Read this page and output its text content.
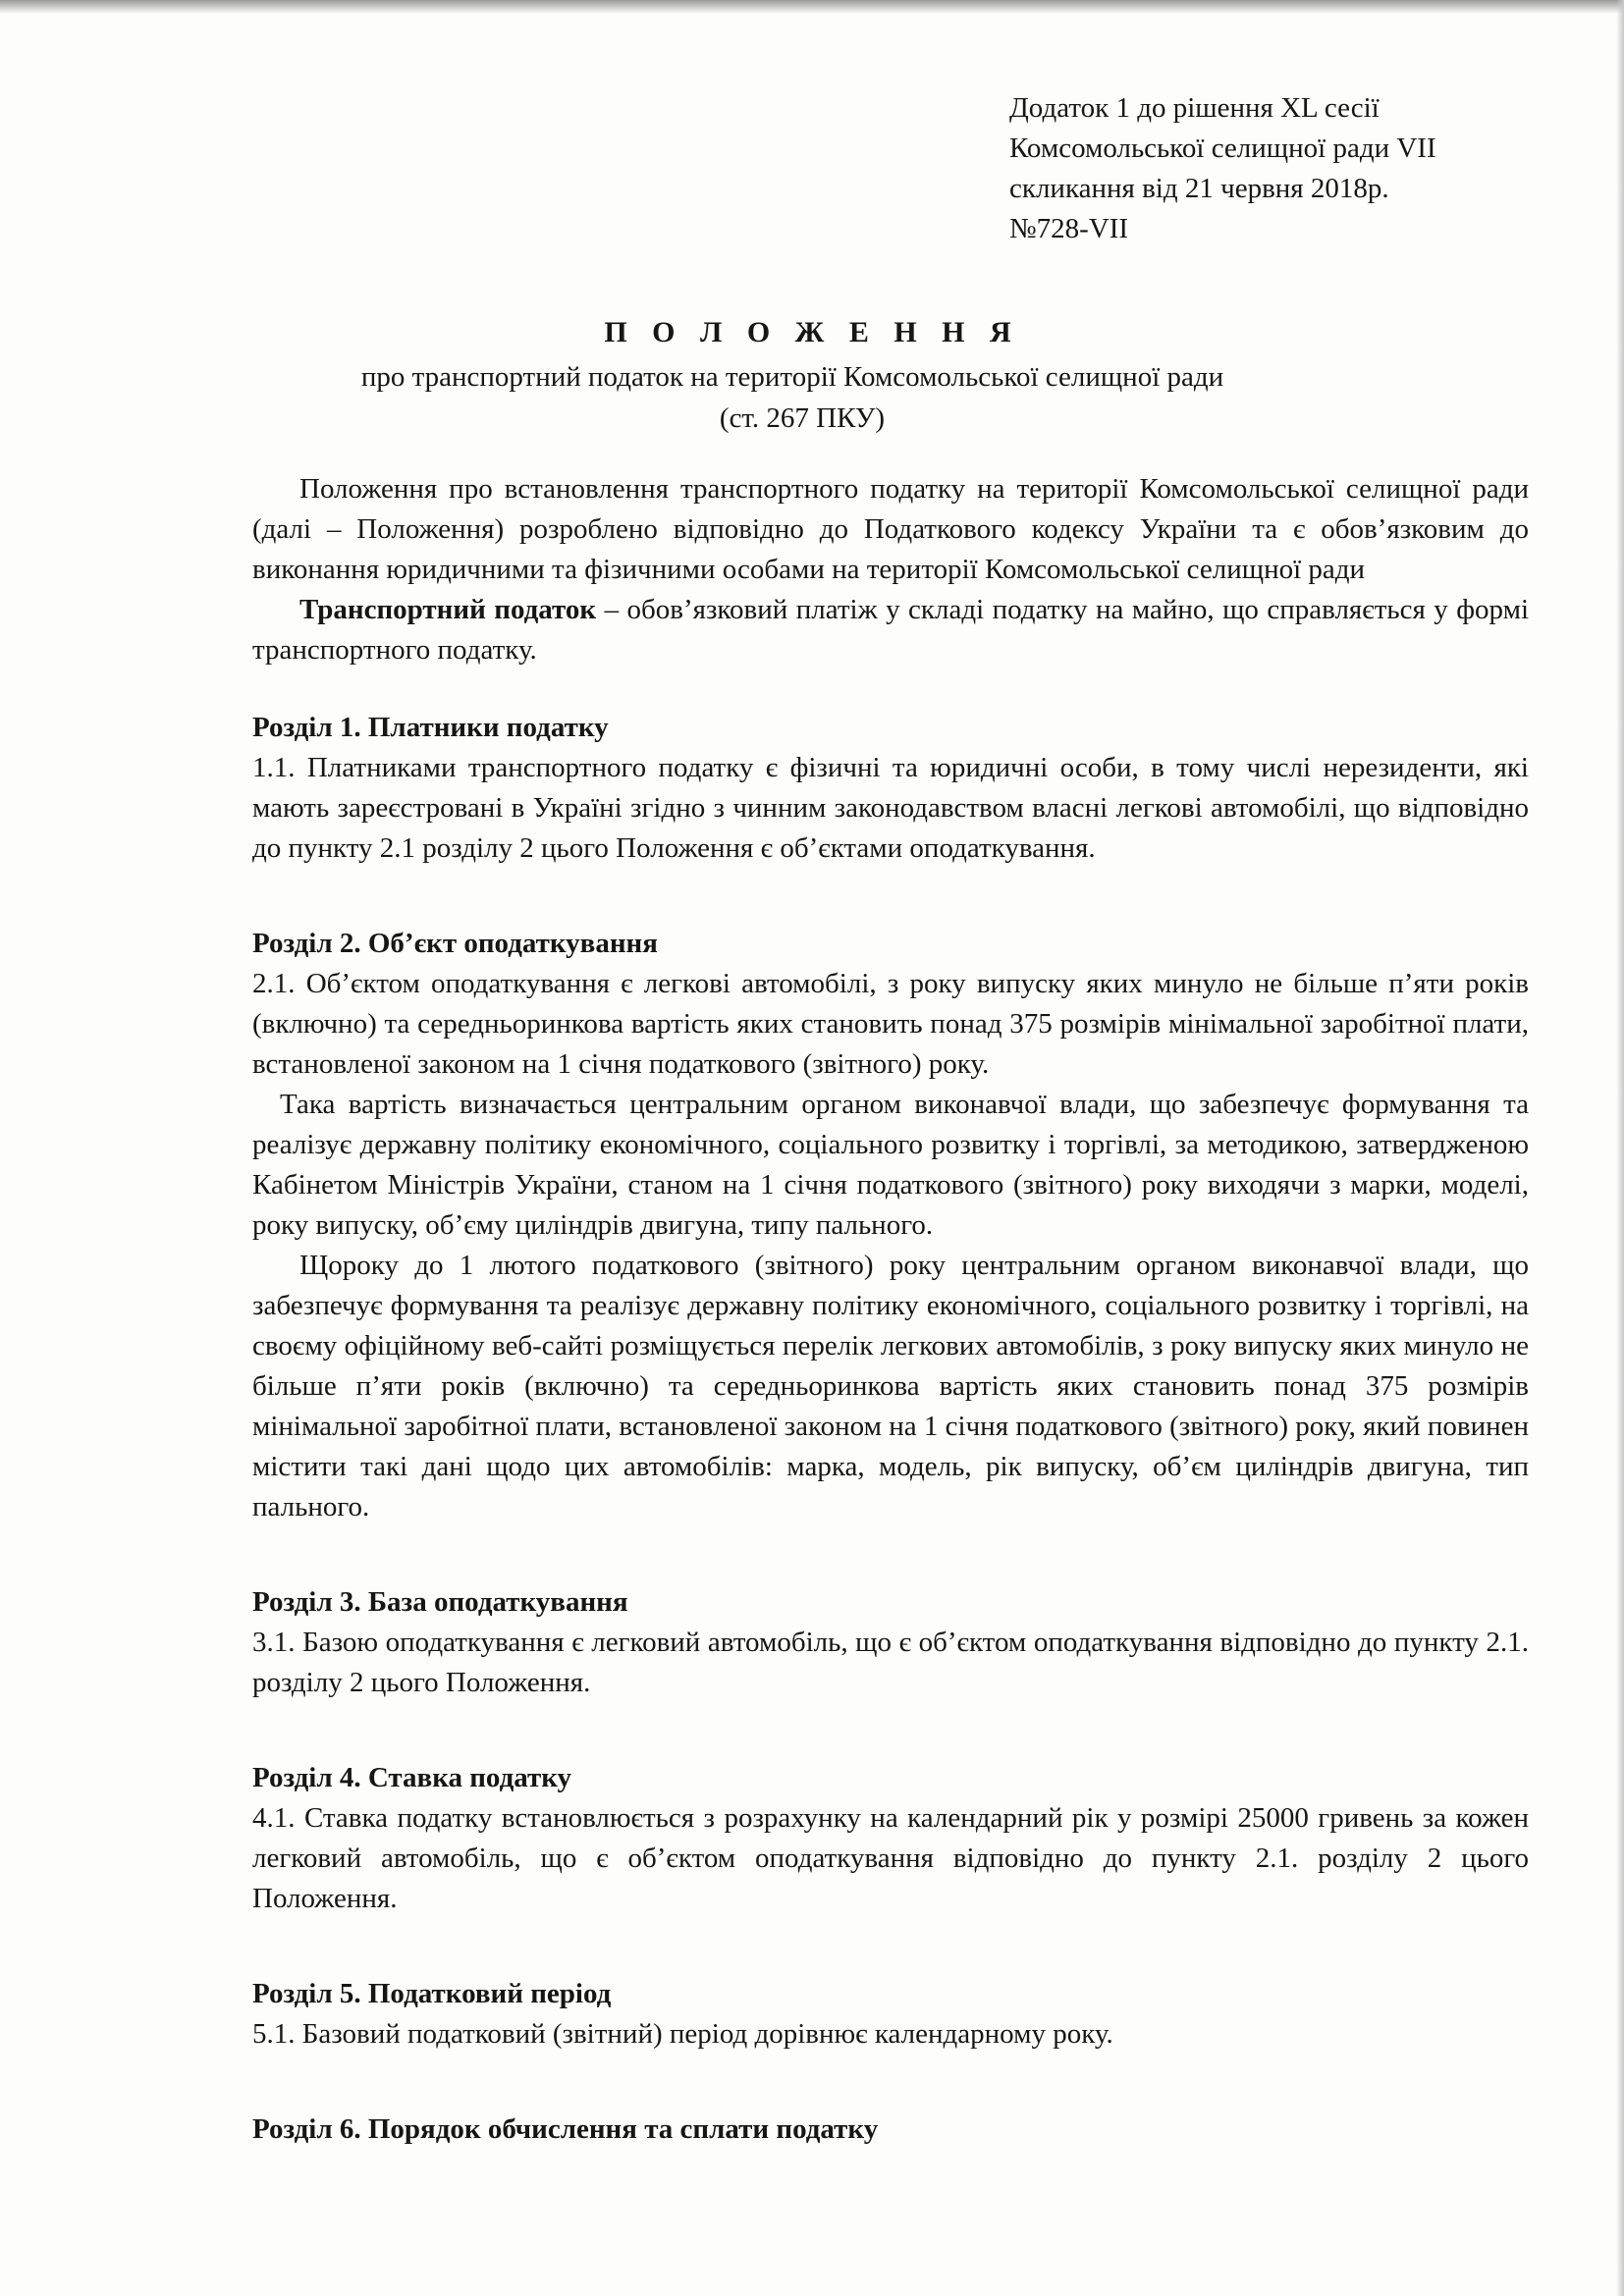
Додаток 1 до рішення XL сесії
Комсомольської селищної ради VII
скликання від 21 червня 2018р.
№728-VII
П О Л О Ж Е Н Н Я
про транспортний податок на території Комсомольської селищної ради
(ст. 267 ПКУ)

Положення про встановлення транспортного податку на території Комсомольської селищної ради (далі – Положення) розроблено відповідно до Податкового кодексу України та є обов’язковим до виконання юридичними та фізичними особами на території Комсомольської селищної ради

Транспортний податок – обов’язковий платіж у складі податку на майно, що справляється у формі транспортного податку.

Розділ 1. Платники податку

1.1. Платниками транспортного податку є фізичні та юридичні особи, в тому числі нерезиденти, які мають зареєстровані в Україні згідно з чинним законодавством власні легкові автомобілі, що відповідно до пункту 2.1 розділу 2 цього Положення є об’єктами оподаткування.

Розділ 2. Об’єкт оподаткування

2.1. Об’єктом оподаткування є легкові автомобілі, з року випуску яких минуло не більше п’яти років (включно) та середньоринкова вартість яких становить понад 375 розмірів мінімальної заробітної плати, встановленої законом на 1 січня податкового (звітного) року.

Така вартість визначається центральним органом виконавчої влади, що забезпечує формування та реалізує державну політику економічного, соціального розвитку і торгівлі, за методикою, затвердженою Кабінетом Міністрів України, станом на 1 січня податкового (звітного) року виходячи з марки, моделі, року випуску, об’єму циліндрів двигуна, типу пального.

Щороку до 1 лютого податкового (звітного) року центральним органом виконавчої влади, що забезпечує формування та реалізує державну політику економічного, соціального розвитку і торгівлі, на своєму офіційному веб-сайті розміщується перелік легкових автомобілів, з року випуску яких минуло не більше п’яти років (включно) та середньоринкова вартість яких становить понад 375 розмірів мінімальної заробітної плати, встановленої законом на 1 січня податкового (звітного) року, який повинен містити такі дані щодо цих автомобілів: марка, модель, рік випуску, об’єм циліндрів двигуна, тип пального.

Розділ 3. База оподаткування

3.1. Базою оподаткування є легковий автомобіль, що є об’єктом оподаткування відповідно до пункту 2.1. розділу 2 цього Положення.

Розділ 4. Ставка податку

4.1. Ставка податку встановлюється з розрахунку на календарний рік у розмірі 25000 гривень за кожен легковий автомобіль, що є об’єктом оподаткування відповідно до пункту 2.1. розділу 2 цього Положення.

Розділ 5. Податковий період

5.1. Базовий податковий (звітний) період дорівнює календарному року.

Розділ 6. Порядок обчислення та сплати податку
